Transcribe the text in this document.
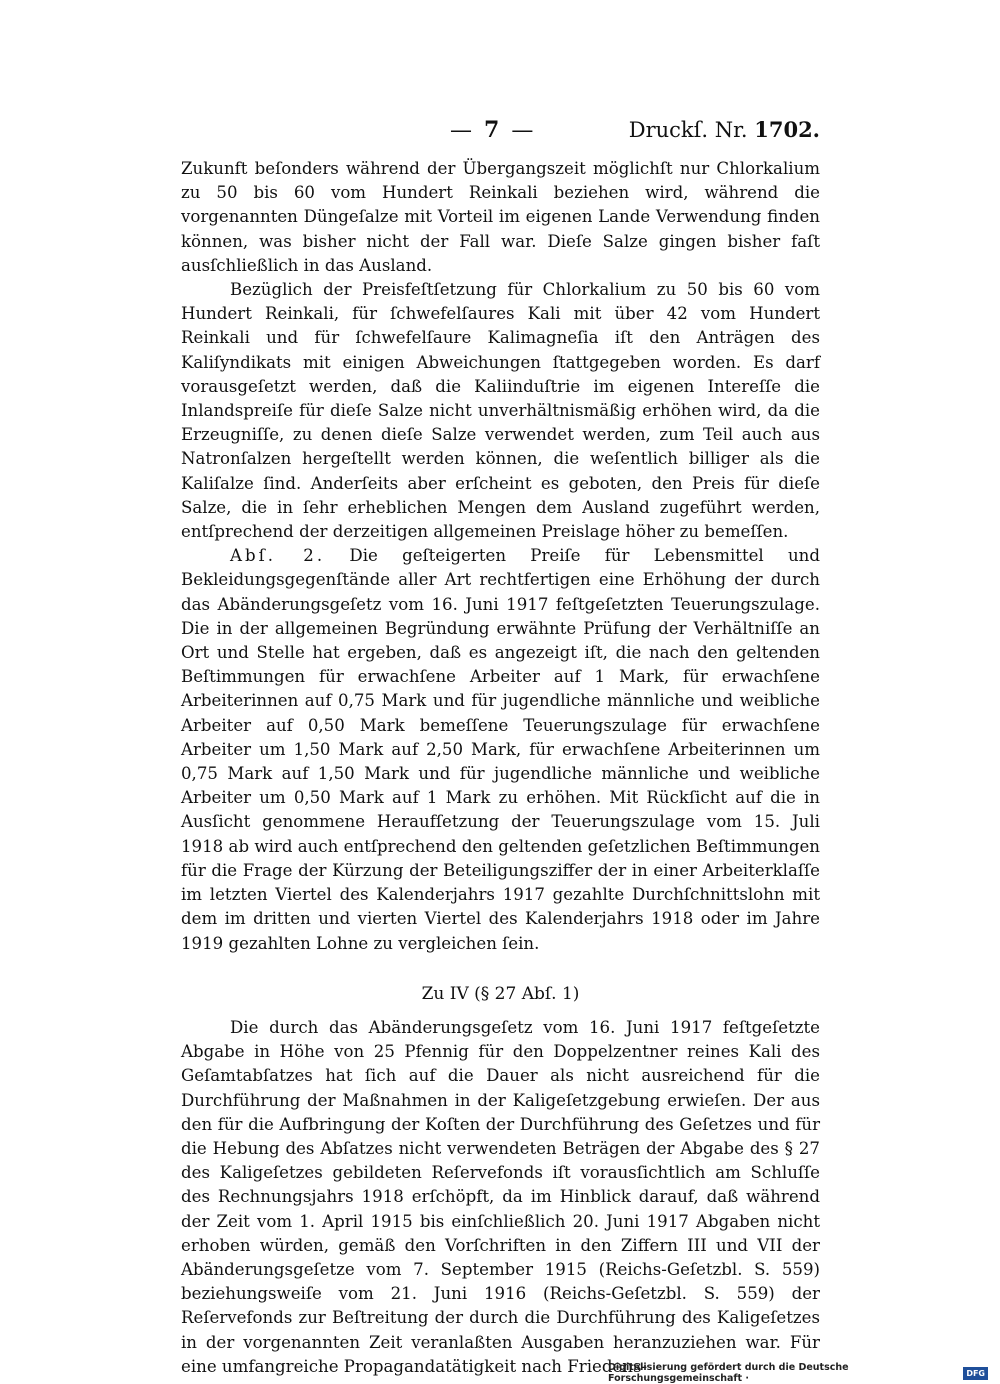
— 7 —	Druckſ. Nr. 1702.

Zukunft beſonders während der Übergangszeit möglichſt nur Chlorkalium zu 50 bis 60 vom Hundert Reinkali beziehen wird, während die vorgenannten Düngeſalze mit Vorteil im eigenen Lande Verwendung finden können, was bisher nicht der Fall war. Dieſe Salze gingen bisher faſt ausſchließlich in das Ausland.

Bezüglich der Preisfeſtſetzung für Chlorkalium zu 50 bis 60 vom Hundert Reinkali, für ſchwefelſaures Kali mit über 42 vom Hundert Reinkali und für ſchwefelſaure Kalimagneſia iſt den Anträgen des Kaliſyndikats mit einigen Abweichungen ſtattgegeben worden. Es darf vorausgeſetzt werden, daß die Kaliinduſtrie im eigenen Intereſſe die Inlandspreiſe für dieſe Salze nicht unverhältnismäßig erhöhen wird, da die Erzeugniſſe, zu denen dieſe Salze verwendet werden, zum Teil auch aus Natronſalzen hergeſtellt werden können, die weſentlich billiger als die Kaliſalze ſind. Anderſeits aber erſcheint es geboten, den Preis für dieſe Salze, die in ſehr erheblichen Mengen dem Ausland zugeführt werden, entſprechend der derzeitigen allgemeinen Preislage höher zu bemeſſen.

Abſ. 2. Die geſteigerten Preiſe für Lebensmittel und Bekleidungsgegenſtände aller Art rechtfertigen eine Erhöhung der durch das Abänderungsgeſetz vom 16. Juni 1917 feſtgeſetzten Teuerungszulage. Die in der allgemeinen Begründung erwähnte Prüfung der Verhältniſſe an Ort und Stelle hat ergeben, daß es angezeigt iſt, die nach den geltenden Beſtimmungen für erwachſene Arbeiter auf 1 Mark, für erwachſene Arbeiterinnen auf 0,75 Mark und für jugendliche männliche und weibliche Arbeiter auf 0,50 Mark bemeſſene Teuerungszulage für erwachſene Arbeiter um 1,50 Mark auf 2,50 Mark, für erwachſene Arbeiterinnen um 0,75 Mark auf 1,50 Mark und für jugendliche männliche und weibliche Arbeiter um 0,50 Mark auf 1 Mark zu erhöhen. Mit Rückſicht auf die in Ausſicht genommene Heraufſetzung der Teuerungszulage vom 15. Juli 1918 ab wird auch entſprechend den geltenden geſetzlichen Beſtimmungen für die Frage der Kürzung der Beteiligungsziffer der in einer Arbeiterklaſſe im letzten Viertel des Kalenderjahrs 1917 gezahlte Durchſchnittslohn mit dem im dritten und vierten Viertel des Kalenderjahrs 1918 oder im Jahre 1919 gezahlten Lohne zu vergleichen ſein.

Zu IV (§ 27 Abſ. 1)

Die durch das Abänderungsgeſetz vom 16. Juni 1917 feſtgeſetzte Abgabe in Höhe von 25 Pfennig für den Doppelzentner reines Kali des Geſamtabſatzes hat ſich auf die Dauer als nicht ausreichend für die Durchführung der Maßnahmen in der Kaligeſetzgebung erwieſen. Der aus den für die Aufbringung der Koſten der Durchführung des Geſetzes und für die Hebung des Abſatzes nicht verwendeten Beträgen der Abgabe des § 27 des Kaligeſetzes gebildeten Reſervefonds iſt vorausſichtlich am Schluſſe des Rechnungsjahrs 1918 erſchöpft, da im Hinblick darauf, daß während der Zeit vom 1. April 1915 bis einſchließlich 20. Juni 1917 Abgaben nicht erhoben würden, gemäß den Vorſchriften in den Ziffern III und VII der Abänderungsgeſetze vom 7. September 1915 (Reichs-Geſetzbl. S. 559) beziehungsweiſe vom 21. Juni 1916 (Reichs-Geſetzbl. S. 559) der Reſervefonds zur Beſtreitung der durch die Durchführung des Kaligeſetzes in der vorgenannten Zeit veranlaßten Ausgaben heranzuziehen war. Für eine umfangreiche Propagandatätigkeit nach Friedens-

Digitalisierung gefördert durch die Deutsche Forschungsgemeinschaft ·	DFG
